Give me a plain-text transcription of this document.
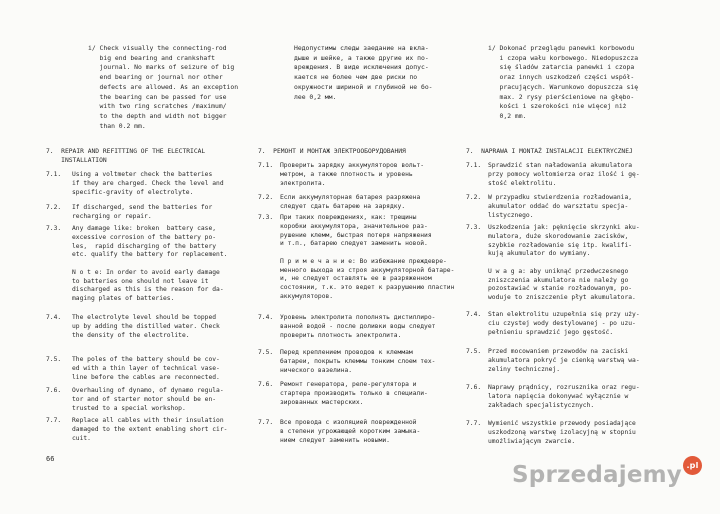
i/ Check visually the connecting-rod
big end bearing and crankshaft
journal. No marks of seizure of big
end bearing or journal nor other
defects are allowed. As an exception
the bearing can be passed for use
with two ring scratches /maximum/
to the depth and width not bigger
than 0.2 mm.
7.  REPAIR AND REFITTING OF THE ELECTRICAL
INSTALLATION
7.1. Using a voltmeter check the batteries
if they are charged. Check the level and
specific-gravity of electrolyte.
7.2. If discharged, send the batteries for
recharging or repair.
7.3. Any damage like: broken  battery case,
excessive corrosion of the battery po-
les,  rapid discharging of the battery
etc. qualify the battery for replacement.

N o t e: In order to avoid early damage
to batteries one should not leave it
discharged as this is the reason for da-
maging plates of batteries.
7.4. The electrolyte level should be topped
up by adding the distilled water. Check
the density of the electrolite.
7.5. The poles of the battery should be cov-
ed with a thin layer of technical vase-
line before the cables are reconnected.
7.6. Overhauling of dynamo, of dynamo regula-
tor and of starter motor should be en-
trusted to a special workshop.
7.7. Replace all cables with their insulation
damaged to the extent enabling short cir-
cuit.
Недопустимы следы заедание на вкла-
дыше и шейке, а также другие их по-
вреждения. В виде исключения допус-
кается не более чем две риски по
окружности шириной и глубиной не бо-
лее 0,2 мм.
7.  РЕМОНТ И МОНТАЖ ЭЛЕКТРООБОРУДОВАНИЯ
7.1. Проверить зарядку аккумуляторов вольт-
метром, а также плотность и уровень
электролита.
7.2. Если аккумуляторная батарея разряжена
следует сдать батарею на зарядку.
7.3. При таких повреждениях, как: трещины
коробки аккумулятора, значительное раз-
рушение клемм, быстрая потеря напряжения
и т.п., батарею следует заменить новой.

П р и м е ч а н и е: Во избежание преждевре-
менного выхода из строя аккумуляторной батаре-
и, не следует оставлять ее в разряженном
состоянии, т.к. это ведет к разрушению пластин
аккумуляторов.
7.4. Уровень электролита пополнять дистиллиро-
ванной водой - после доливки воды следует
проверить плотность электролита.
7.5. Перед креплением проводов к клеммам
батареи, покрыть клеммы тонким слоем тех-
нического вазелина.
7.6. Ремонт генератора, реле-регулятора и
стартера производить только в специали-
зированных мастерских.
7.7. Все провода с изоляцией поврежденной
в степени угрожающей коротким замыка-
нием следует заменить новыми.
i/ Dokonać przeglądu panewki korbowodu
i czopa wału korbowego. Niedopuszcza
się śladów zatarcia panewki i czopa
oraz innych uszkodzeń części współ-
pracujących. Warunkowo dopuszcza się
max. 2 rysy pierścieniowe na głębo-
kości i szerokości nie więcej niż
0,2 mm.
7.  NAPRAWA I MONTAŻ INSTALACJI ELEKTRYCZNEJ
7.1. Sprawdzić stan naładowania akumulatora
przy pomocy woltomierza oraz ilość i gę-
stość elektrolitu.
7.2. W przypadku stwierdzenia rozładowania,
akumulator oddać do warsztatu specja-
listycznego.
7.3. Uszkodzenia jak: pęknięcie skrzynki aku-
mulatora, duże skorodowanie zacisków,
szybkie rozładowanie się itp. kwalifi-
kują akumulator do wymiany.

U w a g a: aby uniknąć przedwczesnego
zniszczenia akumulatora nie należy go
pozostawiać w stanie rozładowanym, po-
woduje to zniszczenie płyt akumulatora.
7.4. Stan elektrolitu uzupełnia się przy uży-
ciu czystej wody destylowanej - po uzu-
pełnieniu sprawdzić jego gęstość.
7.5. Przed mocowaniem przewodów na zaciski
akumulatora pokryć je cienką warstwą wa-
zeliny technicznej.
7.6. Naprawy prądnicy, rozrusznika oraz regu-
latora napięcia dokonywać wyłącznie w
zakładach specjalistycznych.
7.7. Wymienić wszystkie przewody posiadające
uszkodzoną warstwę izolacyjną w stopniu
umożliwiającym zwarcie.
66
Sprzedajemy .pl
